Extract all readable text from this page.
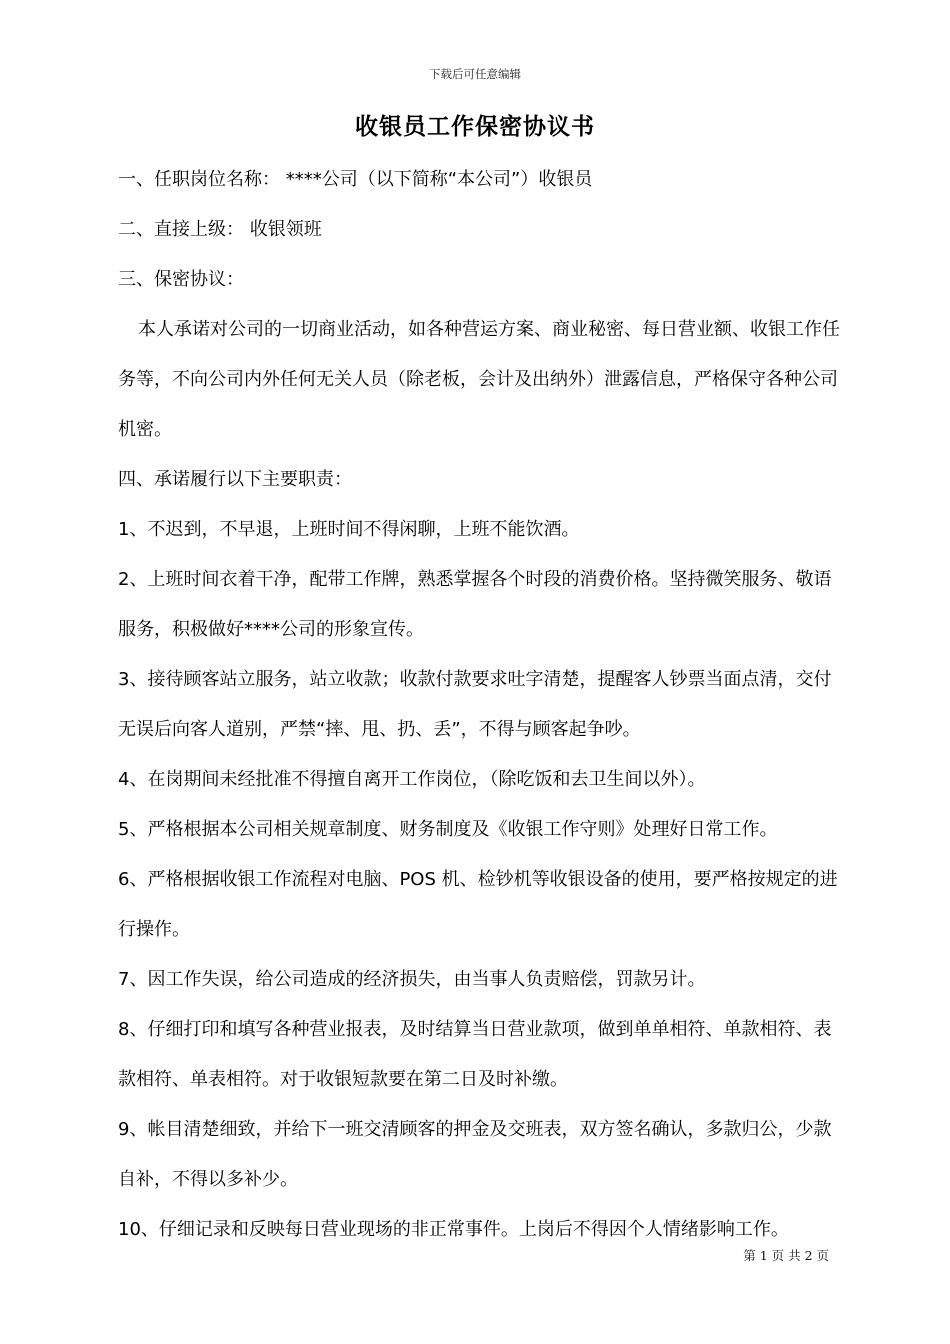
下载后可任意编辑
收银员工作保密协议书

一、任职岗位名称： ****公司（以下简称“本公司”）收银员

二、直接上级： 收银领班

三、保密协议：

本人承诺对公司的一切商业活动，如各种营运方案、商业秘密、每日营业额、收银工作任务等，不向公司内外任何无关人员（除老板，会计及出纳外）泄露信息，严格保守各种公司机密。

四、承诺履行以下主要职责：

1、不迟到，不早退，上班时间不得闲聊，上班不能饮酒。

2、上班时间衣着干净，配带工作牌，熟悉掌握各个时段的消费价格。坚持微笑服务、敬语服务，积极做好****公司的形象宣传。

3、接待顾客站立服务，站立收款；收款付款要求吐字清楚，提醒客人钞票当面点清，交付无误后向客人道别，严禁“摔、甩、扔、丢”，不得与顾客起争吵。

4、在岗期间未经批准不得擅自离开工作岗位，（除吃饭和去卫生间以外）。

5、严格根据本公司相关规章制度、财务制度及《收银工作守则》处理好日常工作。

6、严格根据收银工作流程对电脑、POS 机、检钞机等收银设备的使用，要严格按规定的进行操作。

7、因工作失误，给公司造成的经济损失，由当事人负责赔偿，罚款另计。

8、仔细打印和填写各种营业报表，及时结算当日营业款项，做到单单相符、单款相符、表款相符、单表相符。对于收银短款要在第二日及时补缴。

9、帐目清楚细致，并给下一班交清顾客的押金及交班表，双方签名确认，多款归公，少款自补，不得以多补少。

10、仔细记录和反映每日营业现场的非正常事件。上岗后不得因个人情绪影响工作。

第 1 页 共 2 页
